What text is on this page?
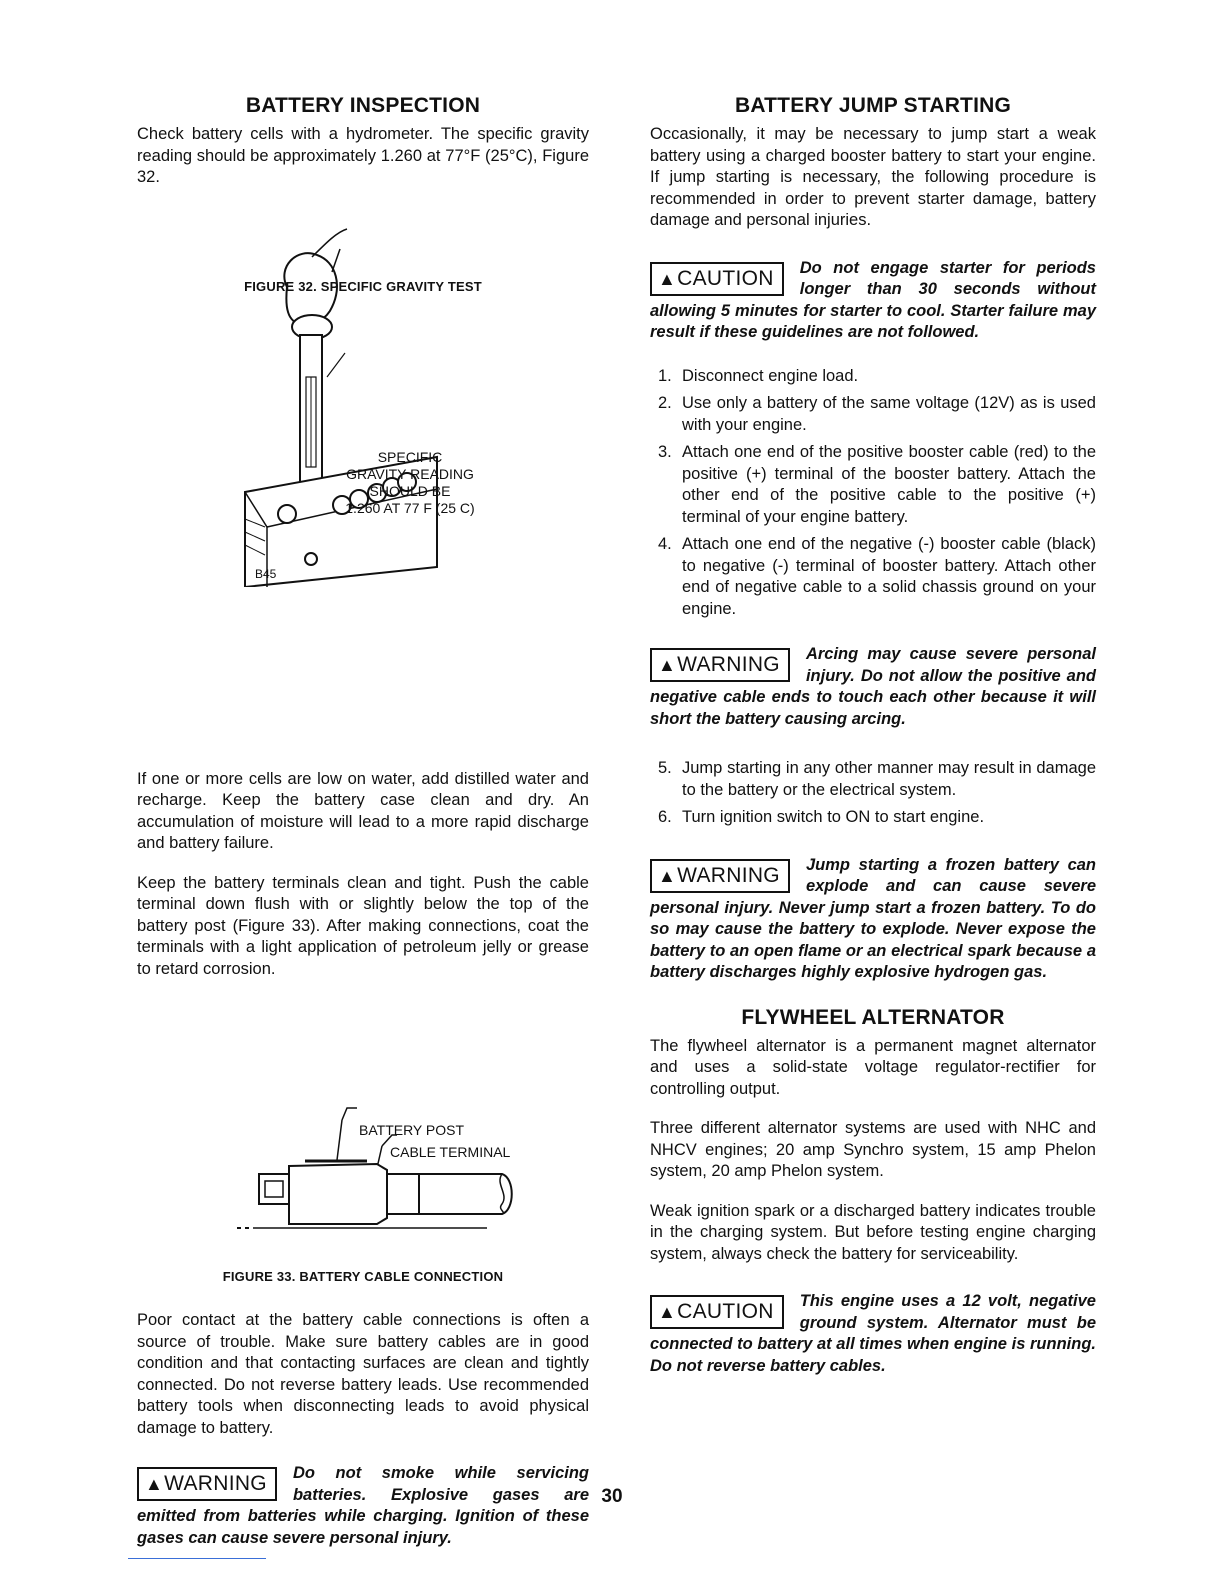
BATTERY INSPECTION

Check battery cells with a hydrometer. The specific gravity reading should be approximately 1.260 at 77°F (25°C), Figure 32.

B45
SPECIFIC
GRAVITY READING
SHOULD BE
1.260 AT 77 F (25 C)
FIGURE 32. SPECIFIC GRAVITY TEST

If one or more cells are low on water, add distilled water and recharge. Keep the battery case clean and dry. An accumulation of moisture will lead to a more rapid discharge and battery failure.

Keep the battery terminals clean and tight. Push the cable terminal down flush with or slightly below the top of the battery post (Figure 33). After making connections, coat the terminals with a light application of petroleum jelly or grease to retard corrosion.

BATTERY POST
CABLE TERMINAL
FIGURE 33. BATTERY CABLE CONNECTION

Poor contact at the battery cable connections is often a source of trouble. Make sure battery cables are in good condition and that contacting surfaces are clean and tightly connected. Do not reverse battery leads. Use recommended battery tools when disconnecting leads to avoid physical damage to battery.

▲WARNING	Do not smoke while servicing batteries. Explosive gases are emitted from batteries while charging. Ignition of these gases can cause severe personal injury.
BATTERY JUMP STARTING

Occasionally, it may be necessary to jump start a weak battery using a charged booster battery to start your engine. If jump starting is necessary, the following procedure is recommended in order to prevent starter damage, battery damage and personal injuries.

▲CAUTION	Do not engage starter for periods longer than 30 seconds without allowing 5 minutes for starter to cool. Starter failure may result if these guidelines are not followed.
1. Disconnect engine load.
2. Use only a battery of the same voltage (12V) as is used with your engine.
3. Attach one end of the positive booster cable (red) to the positive (+) terminal of the booster battery. Attach the other end of the positive cable to the positive (+) terminal of your engine battery.
4. Attach one end of the negative (-) booster cable (black) to negative (-) terminal of booster battery. Attach other end of negative cable to a solid chassis ground on your engine.
▲WARNING	Arcing may cause severe personal injury. Do not allow the positive and negative cable ends to touch each other because it will short the battery causing arcing.
5. Jump starting in any other manner may result in damage to the battery or the electrical system.
6. Turn ignition switch to ON to start engine.
▲WARNING	Jump starting a frozen battery can explode and can cause severe personal injury. Never jump start a frozen battery. To do so may cause the battery to explode. Never expose the battery to an open flame or an electrical spark because a battery discharges highly explosive hydrogen gas.
FLYWHEEL ALTERNATOR

The flywheel alternator is a permanent magnet alternator and uses a solid-state voltage regulator-rectifier for controlling output.

Three different alternator systems are used with NHC and NHCV engines; 20 amp Synchro system, 15 amp Phelon system, 20 amp Phelon system.

Weak ignition spark or a discharged battery indicates trouble in the charging system. But before testing engine charging system, always check the battery for serviceability.

▲CAUTION	This engine uses a 12 volt, negative ground system. Alternator must be connected to battery at all times when engine is running. Do not reverse battery cables.
30
